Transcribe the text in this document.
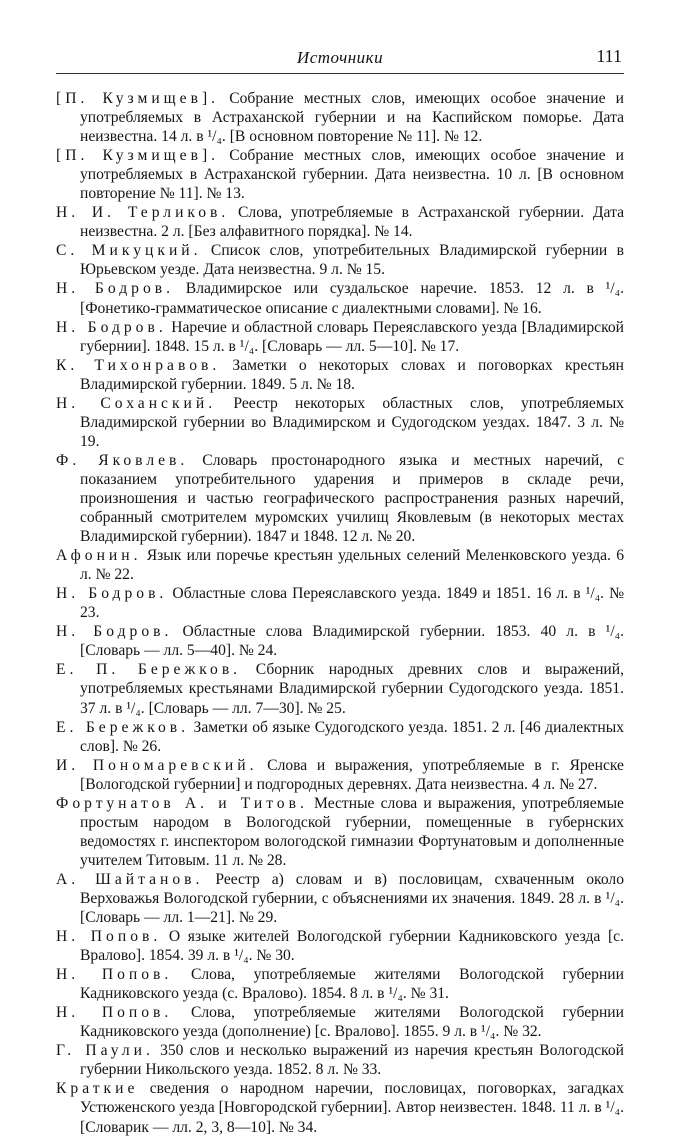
Источники	111

[П. Кузмищев]. Собрание местных слов, имеющих особое значение и употребляемых в Астраханской губернии и на Каспийском поморье. Дата неизвестна. 14 л. в ¹/₄. [В основном повторение № 11]. № 12.

[П. Кузмищев]. Собрание местных слов, имеющих особое значение и употребляемых в Астраханской губернии. Дата неизвестна. 10 л. [В основном повторение № 11]. № 13.

Н. И. Терликов. Слова, употребляемые в Астраханской губернии. Дата неизвестна. 2 л. [Без алфавитного порядка]. № 14.

С. Микуцкий. Список слов, употребительных Владимирской губернии в Юрьевском уезде. Дата неизвестна. 9 л. № 15.

Н. Бодров. Владимирское или суздальское наречие. 1853. 12 л. в ¹/₄. [Фонетико-грамматическое описание с диалектными словами]. № 16.

Н. Бодров. Наречие и областной словарь Переяславского уезда [Владимирской губернии]. 1848. 15 л. в ¹/₄. [Словарь — лл. 5—10]. № 17.

К. Тихонравов. Заметки о некоторых словах и поговорках крестьян Владимирской губернии. 1849. 5 л. № 18.

Н. Соханский. Реестр некоторых областных слов, употребляемых Владимирской губернии во Владимирском и Судогодском уездах. 1847. 3 л. № 19.

Ф. Яковлев. Словарь простонародного языка и местных наречий, с показанием употребительного ударения и примеров в складе речи, произношения и частью географического распространения разных наречий, собранный смотрителем муромских училищ Яковлевым (в некоторых местах Владимирской губернии). 1847 и 1848. 12 л. № 20.

Афонин. Язык или поречье крестьян удельных селений Меленковского уезда. 6 л. № 22.

Н. Бодров. Областные слова Переяславского уезда. 1849 и 1851. 16 л. в ¹/₄. № 23.

Н. Бодров. Областные слова Владимирской губернии. 1853. 40 л. в ¹/₄. [Словарь — лл. 5—40]. № 24.

Е. П. Бережков. Сборник народных древних слов и выражений, употребляемых крестьянами Владимирской губернии Судогодского уезда. 1851. 37 л. в ¹/₄. [Словарь — лл. 7—30]. № 25.

Е. Бережков. Заметки об языке Судогодского уезда. 1851. 2 л. [46 диалектных слов]. № 26.

И. Пономаревский. Слова и выражения, употребляемые в г. Яренске [Вологодской губернии] и подгородных деревнях. Дата неизвестна. 4 л. № 27.

Фортунатов А. и Титов. Местные слова и выражения, употребляемые простым народом в Вологодской губернии, помещенные в губернских ведомостях г. инспектором вологодской гимназии Фортунатовым и дополненные учителем Титовым. 11 л. № 28.

А. Шайтанов. Реестр а) словам и в) пословицам, схваченным около Верховажья Вологодской губернии, с объяснениями их значения. 1849. 28 л. в ¹/₄. [Словарь — лл. 1—21]. № 29.

Н. Попов. О языке жителей Вологодской губернии Кадниковского уезда [с. Вралово]. 1854. 39 л. в ¹/₄. № 30.

Н. Попов. Слова, употребляемые жителями Вологодской губернии Кадниковского уезда (с. Вралово). 1854. 8 л. в ¹/₄. № 31.

Н. Попов. Слова, употребляемые жителями Вологодской губернии Кадниковского уезда (дополнение) [с. Вралово]. 1855. 9 л. в ¹/₄. № 32.

Г. Паули. 350 слов и несколько выражений из наречия крестьян Вологодской губернии Никольского уезда. 1852. 8 л. № 33.

Краткие сведения о народном наречии, пословицах, поговорках, загадках Устюженского уезда [Новгородской губернии]. Автор неизвестен. 1848. 11 л. в ¹/₄. [Словарик — лл. 2, 3, 8—10]. № 34.
